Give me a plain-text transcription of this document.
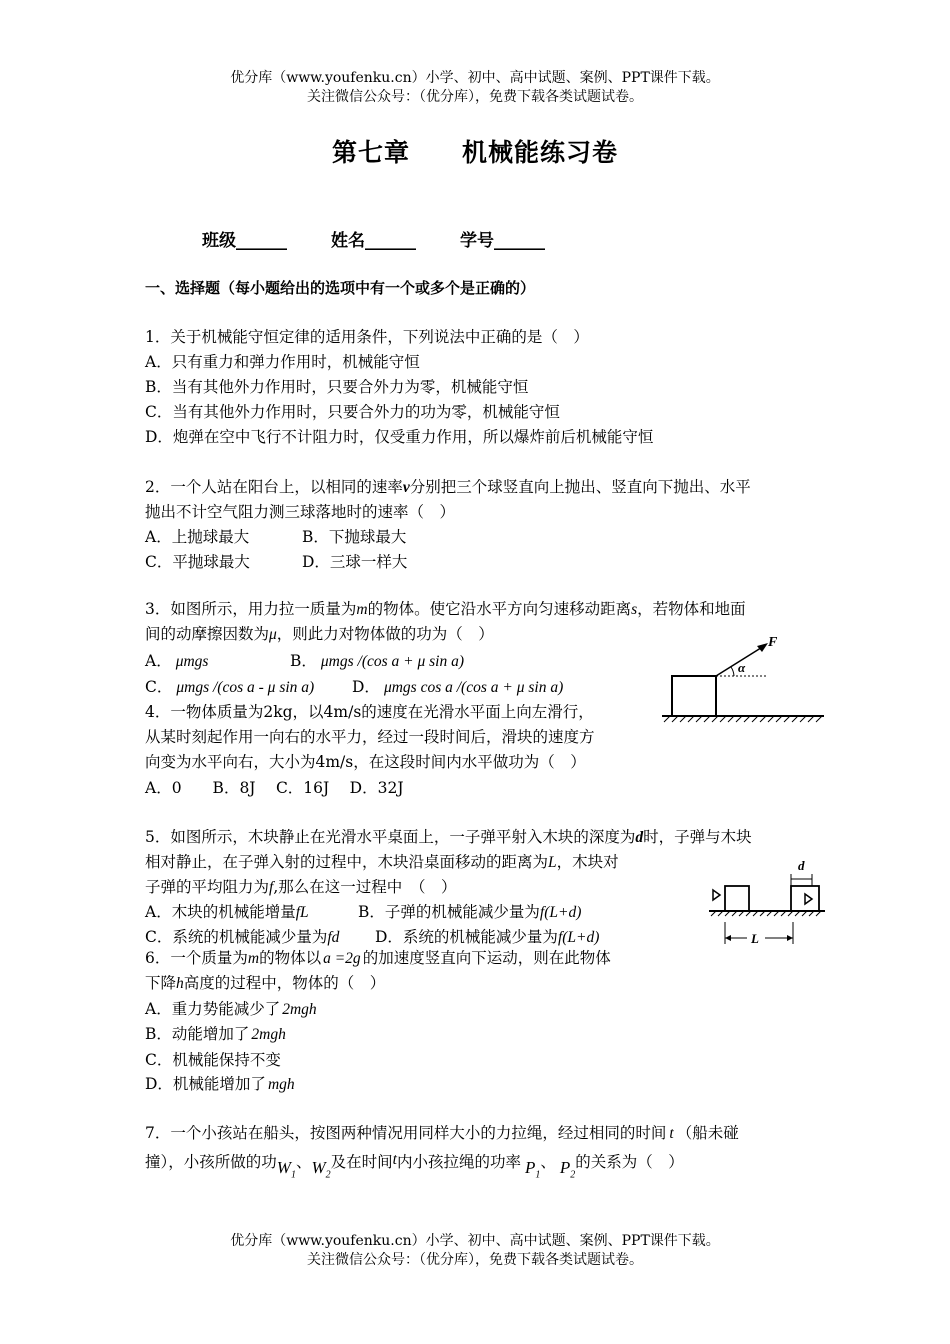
优分库（www.youfenku.cn）小学、初中、高中试题、案例、PPT课件下载。
关注微信公众号：（优分库），免费下载各类试题试卷。
第七章　　机械能练习卷
班级______	姓名______	学号______
一、选择题（每小题给出的选项中有一个或多个是正确的）
1．关于机械能守恒定律的适用条件，下列说法中正确的是（　）
A．只有重力和弹力作用时，机械能守恒
B．当有其他外力作用时，只要合外力为零，机械能守恒
C．当有其他外力作用时，只要合外力的功为零，机械能守恒
D．炮弹在空中飞行不计阻力时，仅受重力作用，所以爆炸前后机械能守恒
2．一个人站在阳台上，以相同的速率v分别把三个球竖直向上抛出、竖直向下抛出、水平
抛出不计空气阻力测三球落地时的速率（　）
A．上抛球最大	B．下抛球最大
C．平抛球最大	D．三球一样大
3．如图所示，用力拉一质量为m的物体。使它沿水平方向匀速移动距离s，若物体和地面
间的动摩擦因数为μ，则此力对物体做的功为（　）
A． μmgs	B． μmgs /(cos a + μ sin a)
C． μmgs /(cos a - μ sin a) D． μmgs cos a /(cos a + μ sin a)
F
α
4．一物体质量为2kg，以4m/s的速度在光滑水平面上向左滑行，
从某时刻起作用一向右的水平力，经过一段时间后，滑块的速度方
向变为水平向右，大小为4m/s，在这段时间内水平做功为（　）
A．0　　B．8J　 C．16J　 D．32J
5．如图所示，木块静止在光滑水平桌面上，一子弹平射入木块的深度为d时，子弹与木块
相对静止，在子弹入射的过程中，木块沿桌面移动的距离为L，木块对
子弹的平均阻力为f,那么在这一过程中　（　）
A．木块的机械能增量fL	B．子弹的机械能减少量为f(L+d)
C．系统的机械能减少量为fd D．系统的机械能减少量为f(L+d)
d
L
6．一个质量为m的物体以 a =2g 的加速度竖直向下运动，则在此物体
下降h高度的过程中，物体的（　）
A．重力势能减少了 2mgh
B．动能增加了 2mgh
C．机械能保持不变
D．机械能增加了 mgh
7．一个小孩站在船头，按图两种情况用同样大小的力拉绳，经过相同的时间 t （船未碰
撞），小孩所做的功$W_1$、$W_2$及在时间t内小孩拉绳的功率 $P_1$、 $P_2$的关系为（　）
优分库（www.youfenku.cn）小学、初中、高中试题、案例、PPT课件下载。
关注微信公众号：（优分库），免费下载各类试题试卷。
